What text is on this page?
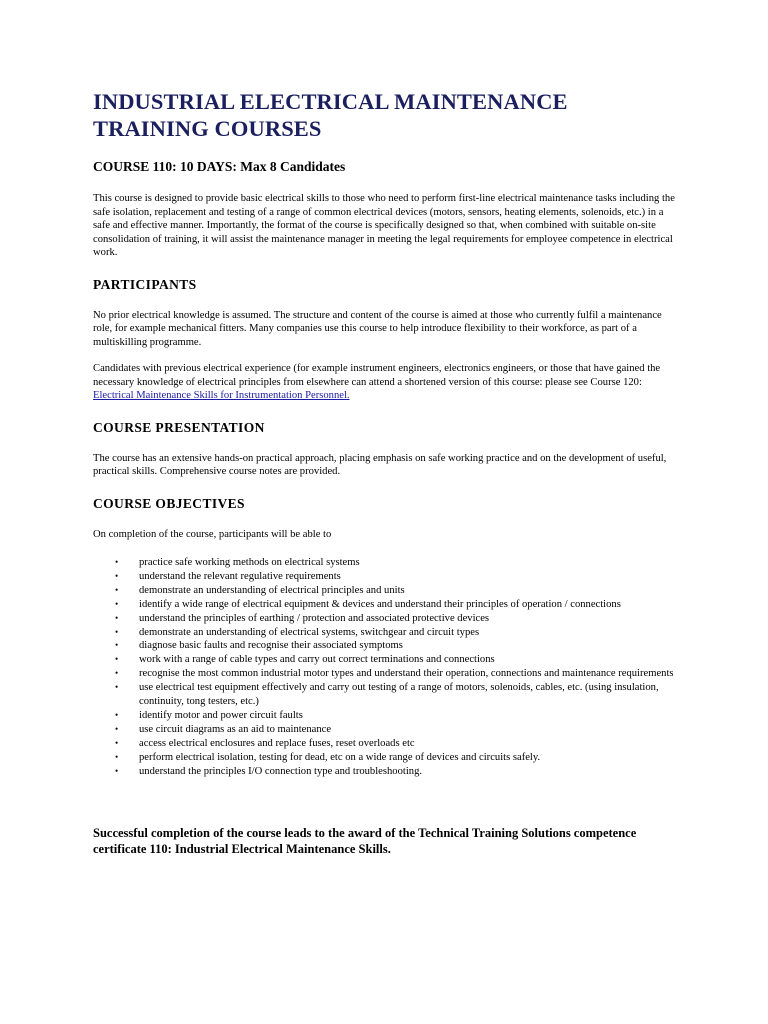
INDUSTRIAL ELECTRICAL MAINTENANCE TRAINING COURSES
COURSE 110: 10 DAYS: Max 8 Candidates

This course is designed to provide basic electrical skills to those who need to perform first-line electrical maintenance tasks including the safe isolation, replacement and testing of a range of common electrical devices (motors, sensors, heating elements, solenoids, etc.) in a safe and effective manner. Importantly, the format of the course is specifically designed so that, when combined with suitable on-site consolidation of training, it will assist the maintenance manager in meeting the legal requirements for employee competence in electrical work.

PARTICIPANTS

No prior electrical knowledge is assumed. The structure and content of the course is aimed at those who currently fulfil a maintenance role, for example mechanical fitters. Many companies use this course to help introduce flexibility to their workforce, as part of a multiskilling programme.

Candidates with previous electrical experience (for example instrument engineers, electronics engineers, or those that have gained the necessary knowledge of electrical principles from elsewhere can attend a shortened version of this course: please see Course 120: Electrical Maintenance Skills for Instrumentation Personnel.

COURSE PRESENTATION

The course has an extensive hands-on practical approach, placing emphasis on safe working practice and on the development of useful, practical skills. Comprehensive course notes are provided.

COURSE OBJECTIVES

On completion of the course, participants will be able to

• practice safe working methods on electrical systems
• understand the relevant regulative requirements
• demonstrate an understanding of electrical principles and units
• identify a wide range of electrical equipment & devices and understand their principles of operation / connections
• understand the principles of earthing / protection and associated protective devices
• demonstrate an understanding of electrical systems, switchgear and circuit types
• diagnose basic faults and recognise their associated symptoms
• work with a range of cable types and carry out correct terminations and connections
• recognise the most common industrial motor types and understand their operation, connections and maintenance requirements
• use electrical test equipment effectively and carry out testing of a range of motors, solenoids, cables, etc. (using insulation, continuity, tong testers, etc.)
• identify motor and power circuit faults
• use circuit diagrams as an aid to maintenance
• access electrical enclosures and replace fuses, reset overloads etc
• perform electrical isolation, testing for dead, etc on a wide range of devices and circuits safely.
• understand the principles I/O connection type and troubleshooting.

Successful completion of the course leads to the award of the Technical Training Solutions competence certificate 110: Industrial Electrical Maintenance Skills.
